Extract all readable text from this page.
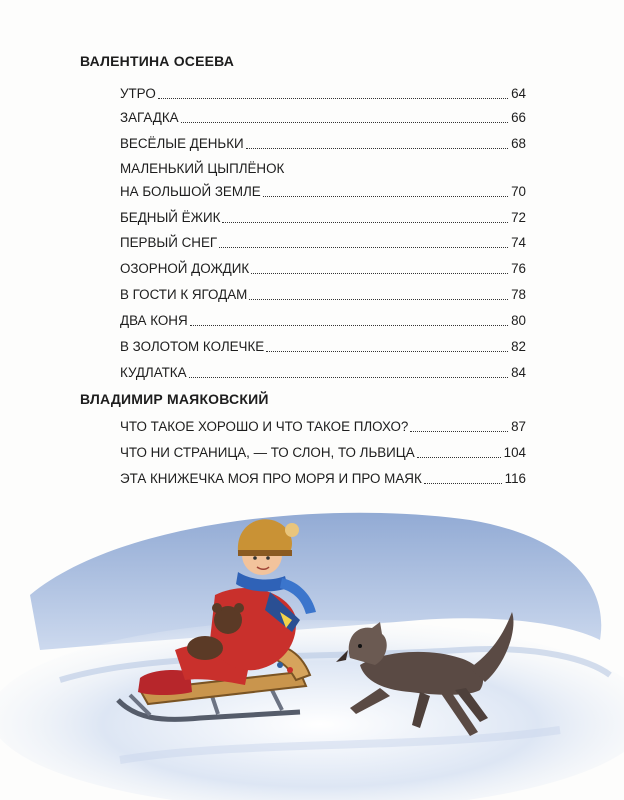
ВАЛЕНТИНА ОСЕЕВА
УТРО	64
ЗАГАДКА	66
ВЕСЁЛЫЕ ДЕНЬКИ	68
МАЛЕНЬКИЙ ЦЫПЛЁНОК
НА БОЛЬШОЙ ЗЕМЛЕ	70
БЕДНЫЙ ЁЖИК	72
ПЕРВЫЙ СНЕГ	74
ОЗОРНОЙ ДОЖДИК	76
В ГОСТИ К ЯГОДАМ	78
ДВА КОНЯ	80
В ЗОЛОТОМ КОЛЕЧКЕ	82
КУДЛАТКА	84
ВЛАДИМИР МАЯКОВСКИЙ
ЧТО ТАКОЕ ХОРОШО И ЧТО ТАКОЕ ПЛОХО?	87
ЧТО НИ СТРАНИЦА, — ТО СЛОН, ТО ЛЬВИЦА	104
ЭТА КНИЖЕЧКА МОЯ ПРО МОРЯ И ПРО МАЯК	116
